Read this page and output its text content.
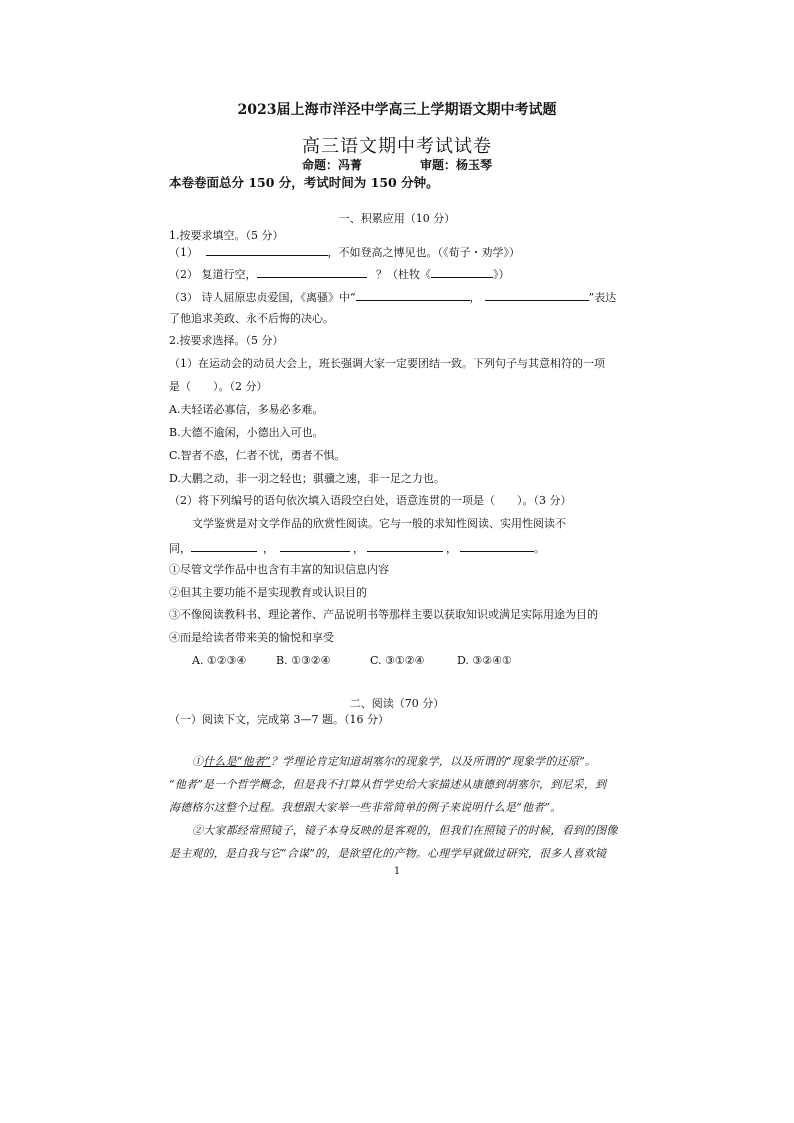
2023届上海市洋泾中学高三上学期语文期中考试题
高三语文期中考试试卷
命题：冯菁	审题：杨玉琴
本卷卷面总分 150 分，考试时间为 150 分钟。
一、积累应用（10 分）
1.按要求填空。（5 分）
（1）	，不如登高之博见也。（《荀子・劝学》）
（2） 复道行空，	？（杜牧《	》）
（3） 诗人屈原忠贞爱国，《离骚》中“	，	”表达
了他追求美政、永不后悔的决心。
2.按要求选择。（5 分）
（1）在运动会的动员大会上，班长强调大家一定要团结一致。下列句子与其意相符的一项
是（　　）。（2 分）
A.夫轻诺必寡信，多易必多难。
B.大德不逾闲，小德出入可也。
C.智者不惑，仁者不忧，勇者不惧。
D.大鹏之动，非一羽之轻也；骐骥之速，非一足之力也。
（2）将下列编号的语句依次填入语段空白处，语意连贯的一项是（　　）。（3 分）
文学鉴赏是对文学作品的欣赏性阅读。它与一般的求知性阅读、实用性阅读不
同，	，	，	，	。
①尽管文学作品中也含有丰富的知识信息内容
②但其主要功能不是实现教育或认识目的
③不像阅读教科书、理论著作、产品说明书等那样主要以获取知识或满足实际用途为目的
④而是给读者带来美的愉悦和享受
A. ①②③④	B. ①③②④	C. ③①②④	D. ③②④①
二、阅读（70 分）
（一）阅读下文，完成第 3—7 题。（16 分）
①什么是“他者”？学理论肯定知道胡塞尔的现象学，以及所谓的“现象学的还原”。
“他者”是一个哲学概念，但是我不打算从哲学史给大家描述从康德到胡塞尔，到尼采，到
海德格尔这整个过程。我想跟大家举一些非常简单的例子来说明什么是“他者”。
②大家都经常照镜子，镜子本身反映的是客观的，但我们在照镜子的时候，看到的图像
是主观的，是自我与它“合谋”的，是欲望化的产物。心理学早就做过研究，很多人喜欢镜
1
